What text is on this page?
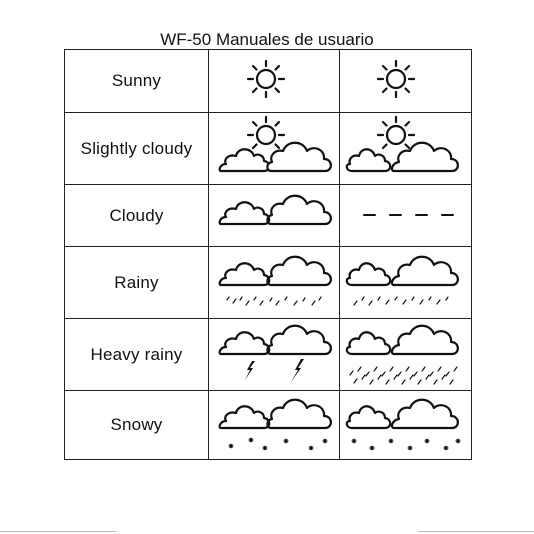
WF-50 Manuales de usuario
Sunny
Slightly cloudy
Cloudy
Rainy
Heavy rainy
Snowy
